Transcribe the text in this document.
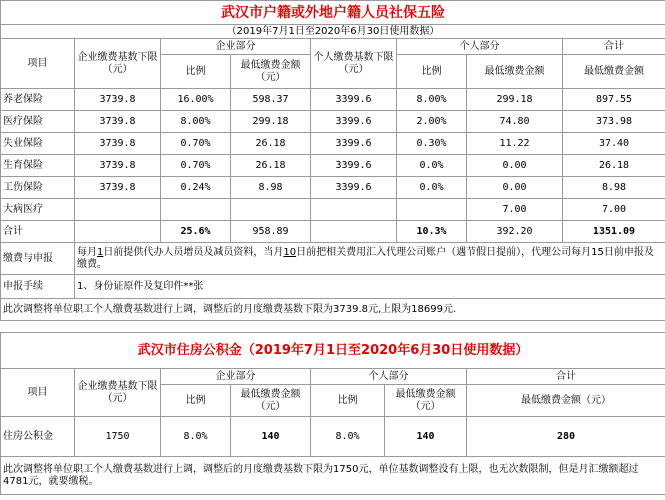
武汉市户籍或外地户籍人员社保五险							
（2019年7月1日至2020年6月30日使用数据）							
项目	企业缴费基数下限（元）	企业部分		个人缴费基数下限（元）	个人部分		合计
		比例	最低缴费金额（元）		比例	最低缴费金额	最低缴费金额
养老保险	3739.8	16.00%	598.37	3399.6	8.00%	299.18	897.55
医疗保险	3739.8	8.00%	299.18	3399.6	2.00%	74.80	373.98
失业保险	3739.8	0.70%	26.18	3399.6	0.30%	11.22	37.40
生育保险	3739.8	0.70%	26.18	3399.6	0.0%	0.00	26.18
工伤保险	3739.8	0.24%	8.98	3399.6	0.0%	0.00	8.98
大病医疗						7.00	7.00
合计		25.6%	958.89		10.3%	392.20	1351.09
缴费与申报	每月1日前提供代办人员增员及减员资料，当月10日前把相关费用汇入代理公司账户（遇节假日提前），代理公司每月15日前申报及缴费。						
申报手续	1、身份证原件及复印件**张						
此次调整将单位职工个人缴费基数进行上调，调整后的月度缴费基数下限为3739.8元,上限为18699元.							
武汉市住房公积金（2019年7月1日至2020年6月30日使用数据）						
项目	企业缴费基数下限（元）	企业部分		个人部分		合计
		比例	最低缴费金额（元）	比例	最低缴费金额（元）	最低缴费金额（元）
住房公积金	1750	8.0%	140	8.0%	140	280
此次调整将单位职工个人缴费基数进行上调，调整后的月度缴费基数下限为1750元，单位基数调整没有上限，也无次数限制，但是月汇缴额超过4781元，就要缴税。						
